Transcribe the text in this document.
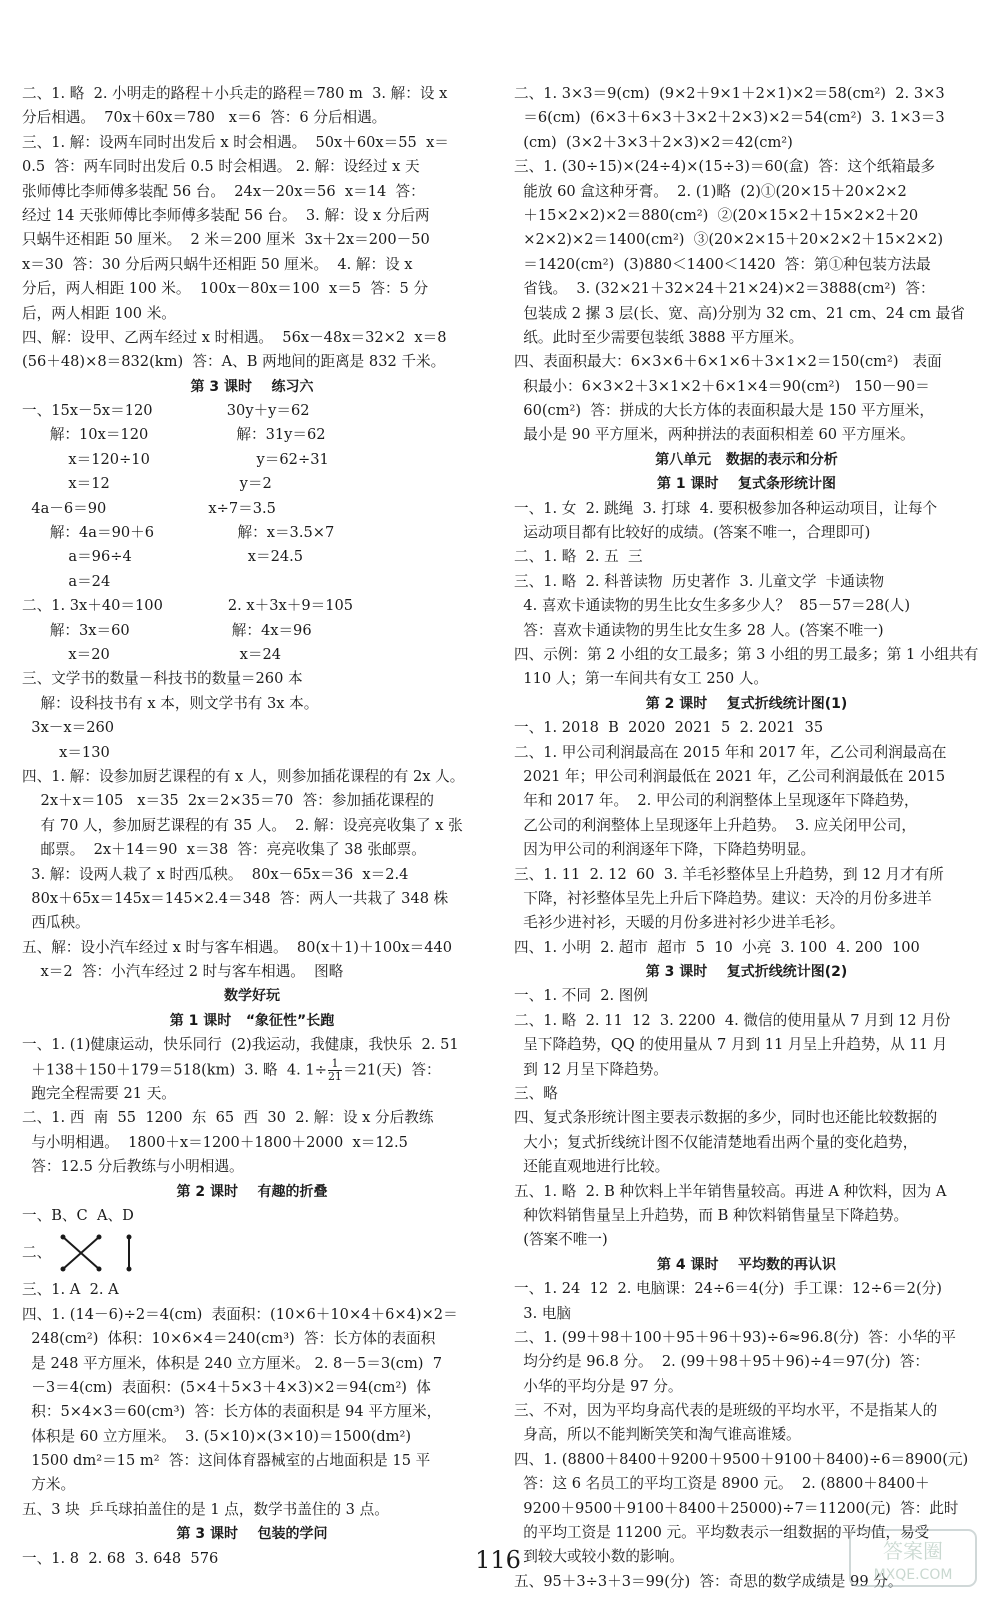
二、1. 略  2. 小明走的路程＋小兵走的路程＝780 m  3. 解：设 x
分后相遇。  70x＋60x＝780   x＝6  答：6 分后相遇。
三、1. 解：设两车同时出发后 x 时会相遇。  50x＋60x＝55  x＝
0.5  答：两车同时出发后 0.5 时会相遇。 2. 解：设经过 x 天
张师傅比李师傅多装配 56 台。  24x－20x＝56  x＝14  答：
经过 14 天张师傅比李师傅多装配 56 台。  3. 解：设 x 分后两
只蜗牛还相距 50 厘米。  2 米＝200 厘米  3x＋2x＝200－50
x＝30  答：30 分后两只蜗牛还相距 50 厘米。  4. 解：设 x
分后，两人相距 100 米。  100x－80x＝100  x＝5  答：5 分
后，两人相距 100 米。
四、解：设甲、乙两车经过 x 时相遇。  56x－48x＝32×2  x＝8
(56＋48)×8＝832(km)  答：A、B 两地间的距离是 832 千米。
第 3 课时    练习六
一、15x－5x＝120                30y＋y＝62
解：10x＝120                   解：31y＝62
x＝120÷10                       y＝62÷31
x＝12                            y＝2
4a－6＝90                      x÷7＝3.5
解：4a＝90＋6                  解：x＝3.5×7
a＝96÷4                         x＝24.5
a＝24
二、1. 3x＋40＝100              2. x＋3x＋9＝105
解：3x＝60                      解：4x＝96
x＝20                            x＝24
三、文学书的数量－科技书的数量＝260 本
解：设科技书有 x 本，则文学书有 3x 本。
3x－x＝260
x＝130
四、1. 解：设参加厨艺课程的有 x 人，则参加插花课程的有 2x 人。
2x＋x＝105   x＝35  2x＝2×35＝70  答：参加插花课程的
有 70 人，参加厨艺课程的有 35 人。  2. 解：设亮亮收集了 x 张
邮票。  2x＋14＝90  x＝38  答：亮亮收集了 38 张邮票。
3. 解：设两人栽了 x 时西瓜秧。  80x－65x＝36  x＝2.4
80x＋65x＝145x＝145×2.4＝348  答：两人一共栽了 348 株
西瓜秧。
五、解：设小汽车经过 x 时与客车相遇。  80(x＋1)＋100x＝440
x＝2  答：小汽车经过 2 时与客车相遇。  图略
数学好玩
第 1 课时   “象征性”长跑
一、1. (1)健康运动，快乐同行  (2)我运动，我健康，我快乐  2. 51
＋138＋150＋179＝518(km)  3. 略  4. $1\div \frac{1}{21} =21$(天)  答：
跑完全程需要 21 天。
二、1. 西  南  55  1200  东  65  西  30  2. 解：设 x 分后教练
与小明相遇。  1800＋x＝1200＋1800＋2000  x＝12.5
答：12.5 分后教练与小明相遇。
第 2 课时    有趣的折叠
一、B、C  A、D
二、
三、1. A  2. A
四、1. (14－6)÷2＝4(cm)  表面积：(10×6＋10×4＋6×4)×2＝
248(cm²)  体积：10×6×4＝240(cm³)  答：长方体的表面积
是 248 平方厘米，体积是 240 立方厘米。 2. 8－5＝3(cm)  7
－3＝4(cm)  表面积：(5×4＋5×3＋4×3)×2＝94(cm²)  体
积：5×4×3＝60(cm³)  答：长方体的表面积是 94 平方厘米，
体积是 60 立方厘米。  3. (5×10)×(3×10)＝1500(dm²)
1500 dm²＝15 m²  答：这间体育器械室的占地面积是 15 平
方米。
五、3 块  乒乓球拍盖住的是 1 点，数学书盖住的 3 点。
第 3 课时    包装的学问
一、1. 8  2. 68  3. 648  576
二、1. 3×3＝9(cm)  (9×2＋9×1＋2×1)×2＝58(cm²)  2. 3×3
＝6(cm)  (6×3＋6×3＋3×2＋2×3)×2＝54(cm²)  3. 1×3＝3
(cm)  (3×2＋3×3＋2×3)×2＝42(cm²)
三、1. (30÷15)×(24÷4)×(15÷3)＝60(盒)  答：这个纸箱最多
能放 60 盒这种牙膏。  2. (1)略  (2)①(20×15＋20×2×2
＋15×2×2)×2＝880(cm²)  ②(20×15×2＋15×2×2＋20
×2×2)×2＝1400(cm²)  ③(20×2×15＋20×2×2＋15×2×2)
＝1420(cm²)  (3)880＜1400＜1420  答：第①种包装方法最
省钱。  3. (32×21＋32×24＋21×24)×2＝3888(cm²)  答：
包装成 2 摞 3 层(长、宽、高)分别为 32 cm、21 cm、24 cm 最省
纸。此时至少需要包装纸 3888 平方厘米。
四、表面积最大：6×3×6＋6×1×6＋3×1×2＝150(cm²)   表面
积最小：6×3×2＋3×1×2＋6×1×4＝90(cm²)   150－90＝
60(cm²)  答：拼成的大长方体的表面积最大是 150 平方厘米，
最小是 90 平方厘米，两种拼法的表面积相差 60 平方厘米。
第八单元   数据的表示和分析
第 1 课时    复式条形统计图
一、1. 女  2. 跳绳  3. 打球  4. 要积极参加各种运动项目，让每个
运动项目都有比较好的成绩。(答案不唯一，合理即可)
二、1. 略  2. 五  三
三、1. 略  2. 科普读物  历史著作  3. 儿童文学  卡通读物
4. 喜欢卡通读物的男生比女生多多少人？  85－57＝28(人)
答：喜欢卡通读物的男生比女生多 28 人。(答案不唯一)
四、示例：第 2 小组的女工最多；第 3 小组的男工最多；第 1 小组共有
110 人；第一车间共有女工 250 人。
第 2 课时    复式折线统计图(1)
一、1. 2018  B  2020  2021  5  2. 2021  35
二、1. 甲公司利润最高在 2015 年和 2017 年，乙公司利润最高在
2021 年；甲公司利润最低在 2021 年，乙公司利润最低在 2015
年和 2017 年。  2. 甲公司的利润整体上呈现逐年下降趋势，
乙公司的利润整体上呈现逐年上升趋势。  3. 应关闭甲公司，
因为甲公司的利润逐年下降，下降趋势明显。
三、1. 11  2. 12  60  3. 羊毛衫整体呈上升趋势，到 12 月才有所
下降，衬衫整体呈先上升后下降趋势。建议：天冷的月份多进羊
毛衫少进衬衫，天暖的月份多进衬衫少进羊毛衫。
四、1. 小明  2. 超市  超市  5  10  小亮  3. 100  4. 200  100
第 3 课时    复式折线统计图(2)
一、1. 不同  2. 图例
二、1. 略  2. 11  12  3. 2200  4. 微信的使用量从 7 月到 12 月份
呈下降趋势，QQ 的使用量从 7 月到 11 月呈上升趋势，从 11 月
到 12 月呈下降趋势。
三、略
四、复式条形统计图主要表示数据的多少，同时也还能比较数据的
大小；复式折线统计图不仅能清楚地看出两个量的变化趋势，
还能直观地进行比较。
五、1. 略  2. B 种饮料上半年销售量较高。再进 A 种饮料，因为 A
种饮料销售量呈上升趋势，而 B 种饮料销售量呈下降趋势。
(答案不唯一)
第 4 课时    平均数的再认识
一、1. 24  12  2. 电脑课：24÷6＝4(分)  手工课：12÷6＝2(分)
3. 电脑
二、1. (99＋98＋100＋95＋96＋93)÷6≈96.8(分)  答：小华的平
均分约是 96.8 分。  2. (99＋98＋95＋96)÷4＝97(分)  答：
小华的平均分是 97 分。
三、不对，因为平均身高代表的是班级的平均水平，不是指某人的
身高，所以不能判断笑笑和淘气谁高谁矮。
四、1. (8800＋8400＋9200＋9500＋9100＋8400)÷6＝8900(元)
答：这 6 名员工的平均工资是 8900 元。  2. (8800＋8400＋
9200＋9500＋9100＋8400＋25000)÷7＝11200(元)  答：此时
的平均工资是 11200 元。平均数表示一组数据的平均值，易受
到较大或较小数的影响。
五、95＋3÷3＋3＝99(分)  答：奇思的数学成绩是 99 分。
116	答案圈
MXQE.COM
